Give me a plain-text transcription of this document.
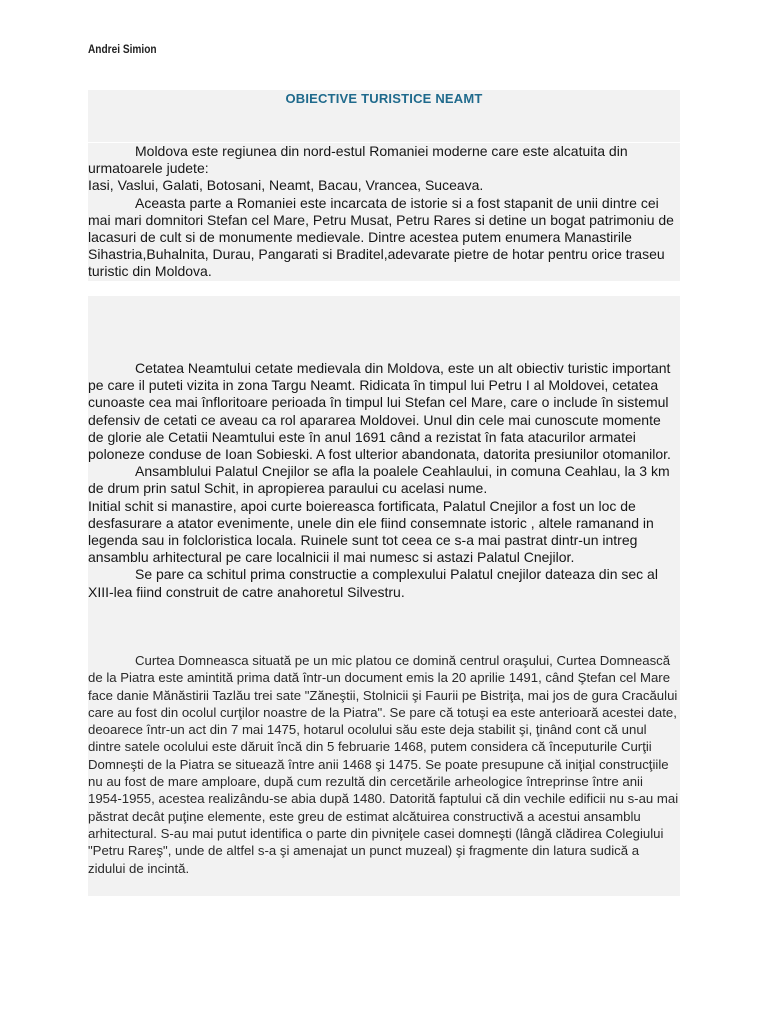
Andrei Simion
OBIECTIVE TURISTICE NEAMT

Moldova este regiunea din nord-estul Romaniei moderne care este alcatuita din urmatoarele judete:

Iasi, Vaslui, Galati, Botosani, Neamt, Bacau, Vrancea, Suceava.

Aceasta parte a Romaniei este incarcata de istorie si a fost stapanit de unii dintre cei mai mari domnitori Stefan cel Mare, Petru Musat, Petru Rares si detine un bogat patrimoniu de lacasuri de cult si de monumente medievale. Dintre acestea putem enumera Manastirile Sihastria,Buhalnita, Durau, Pangarati si Braditel,adevarate pietre de hotar pentru orice traseu turistic din Moldova.

Cetatea Neamtului cetate medievala din Moldova, este un alt obiectiv turistic important pe care il puteti vizita in zona Targu Neamt. Ridicata în timpul lui Petru I al Moldovei, cetatea cunoaste cea mai înfloritoare perioada în timpul lui Stefan cel Mare, care o include în sistemul defensiv de cetati ce aveau ca rol apararea Moldovei. Unul din cele mai cunoscute momente de glorie ale Cetatii Neamtului este în anul 1691 când a rezistat în fata atacurilor armatei poloneze conduse de Ioan Sobieski. A fost ulterior abandonata, datorita presiunilor otomanilor.

Ansamblului Palatul Cnejilor se afla la poalele Ceahlaului, in comuna Ceahlau, la 3 km de drum prin satul Schit, in apropierea paraului cu acelasi nume.

Initial schit si manastire, apoi curte boiereasca fortificata, Palatul Cnejilor a fost un loc de desfasurare a atator evenimente, unele din ele fiind consemnate istoric , altele ramanand in legenda sau in folcloristica locala. Ruinele sunt tot ceea ce s-a mai pastrat dintr-un intreg ansamblu arhitectural pe care localnicii il mai numesc si astazi Palatul Cnejilor.

Se pare ca schitul prima constructie a complexului Palatul cnejilor dateaza din sec al XIII-lea fiind construit de catre anahoretul Silvestru.

Curtea Domneasca situată pe un mic platou ce domină centrul oraşului, Curtea Domnească de la Piatra este amintită prima dată într-un document emis la 20 aprilie 1491, când Ştefan cel Mare face danie Mănăstirii Tazlău trei sate "Zăneştii, Stolnicii şi Faurii pe Bistriţa, mai jos de gura Cracăului care au fost din ocolul curţilor noastre de la Piatra". Se pare că totuşi ea este anterioară acestei date, deoarece într-un act din 7 mai 1475, hotarul ocolului său este deja stabilit şi, ţinând cont că unul dintre satele ocolului este dăruit încă din 5 februarie 1468, putem considera că începuturile Curţii Domneşti de la Piatra se situează între anii 1468 şi 1475. Se poate presupune că iniţial construcţiile nu au fost de mare amploare, după cum rezultă din cercetările arheologice întreprinse între anii 1954-1955, acestea realizându-se abia după 1480. Datorită faptului că din vechile edificii nu s-au mai păstrat decât puţine elemente, este greu de estimat alcătuirea constructivă a acestui ansamblu arhitectural. S-au mai putut identifica o parte din pivniţele casei domneşti (lângă clădirea Colegiului "Petru Rareş", unde de altfel s-a şi amenajat un punct muzeal) şi fragmente din latura sudică a zidului de incintă.
